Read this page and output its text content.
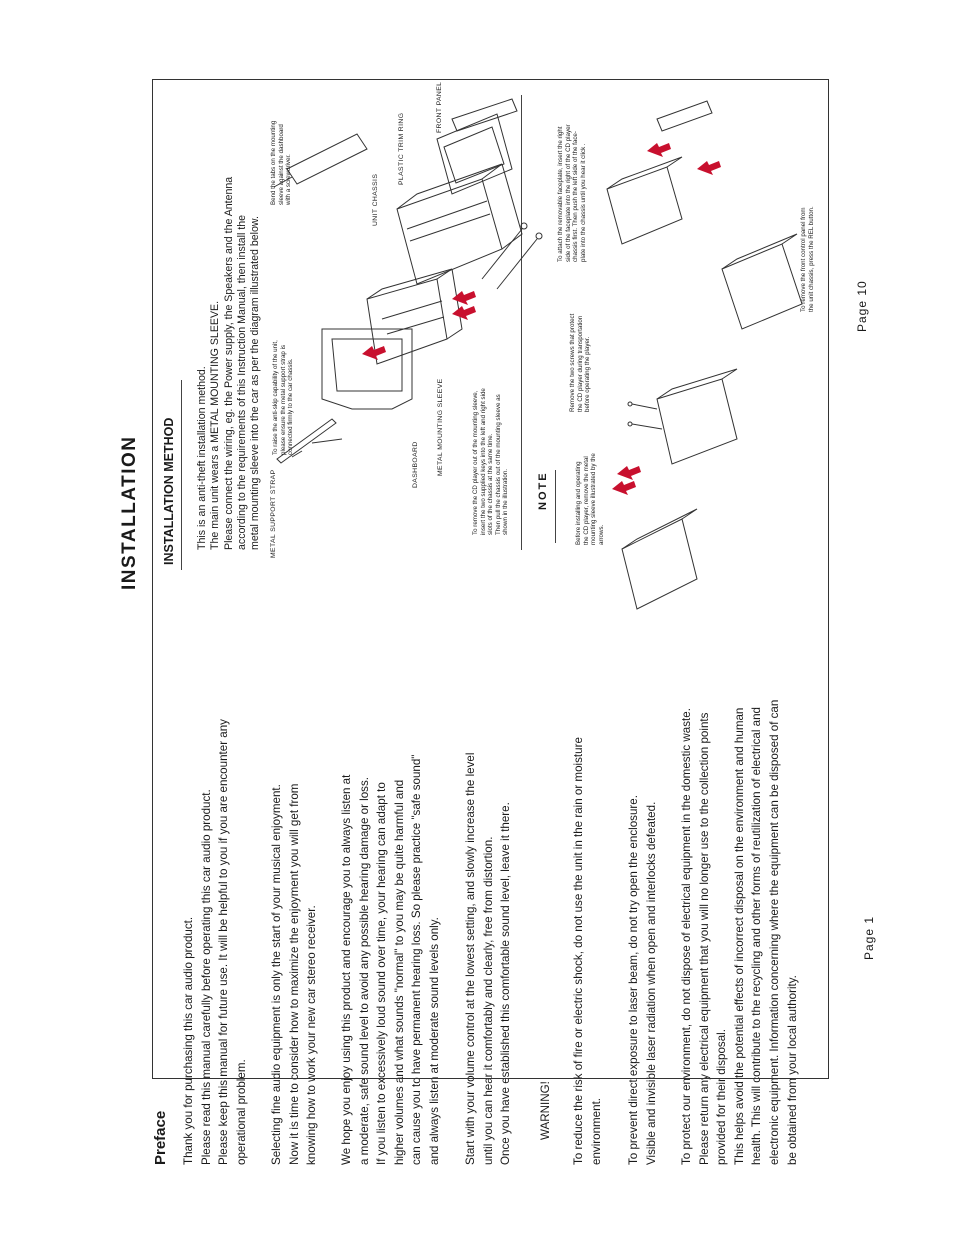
Preface Thank you for purchasing this car audio product. Please read this manual carefully before operating this car audio product. Please keep this manual for future use. It will be helpful to you if you are encounter any operational problem. Selecting fine audio equipment is only the start of your musical enjoyment. Now it is time to consider how to maximize the enjoyment you will get from knowing how to work your new car stereo receiver. We hope you enjoy using this product and encourage you to always listen at a moderate, safe sound level to avoid any possible hearing damage or loss. If you listen to excessively loud sound over time, your hearing can adapt to higher volumes and what sounds "normal" to you may be quite harmful and can cause you to have permanent hearing loss. So please practice "safe sound" and always listen at moderate sound levels only. Start with your volume control at the lowest setting, and slowly increase the level until you can hear it comfortably and clearly, free from distortion. Once you have established this comfortable sound level, leave it there. WARNING! To reduce the risk of fire or electric shock, do not use the unit in the rain or moisture environment. To prevent direct exposure to laser beam, do not try open the enclosure. Visible and invisible laser radiation when open and interlocks defeated. To protect our environment, do not dispose of electrical equipment in the domestic waste. Please return any electrical equipment that you will no longer use to the collection points provided for their disposal. This helps avoid the potential effects of incorrect disposal on the environment and human health. This will contribute to the recycling and other forms of reutilization of electrical and electronic equipment. Information concerning where the equipment can be disposed of can be obtained from your local authority.

Page 1
INSTALLATION INSTALLATION METHOD This is an anti-theft installation method. The main unit wears a METAL MOUNTING SLEEVE. Please connect the wiring, eg. the Power supply, the Speakers and the Antenna according to the requirements of this Instruction Manual, then install the metal mounting sleeve into the car as per the diagram illustrated below. METAL SUPPORT STRAP
DASHBOARD	METAL MOUNTING SLEEVE
UNIT CHASSIS
PLASTIC TRIM RING
FRONT PANEL

To raise the anti-skip capability of the unit, please ensure the metal support strap is connected firmly to the car chassis.

Bend the tabs on the mounting sleeve against the dashboard with a screwdriver.

To remove the CD player out of the mounting sleeve, insert the two supplied keys into the left and right side slots of the chassis at the same time. Then pull the chassis out of the mounting sleeve as shown in the illustration.	NOTE	Before installing and operating the CD player, remove the metal mounting sleeve illustrated by the arrows.

Remove the two screws that protect the CD player during transportation before operating the player.

To remove the front control panel from the unit chassis, press the REL button.

To attach the removable faceplate, insert the right side of the faceplate into the right of the CD player chassis first. Then push the left side of the face- plate into the chassis until you hear it click .

Page 10
